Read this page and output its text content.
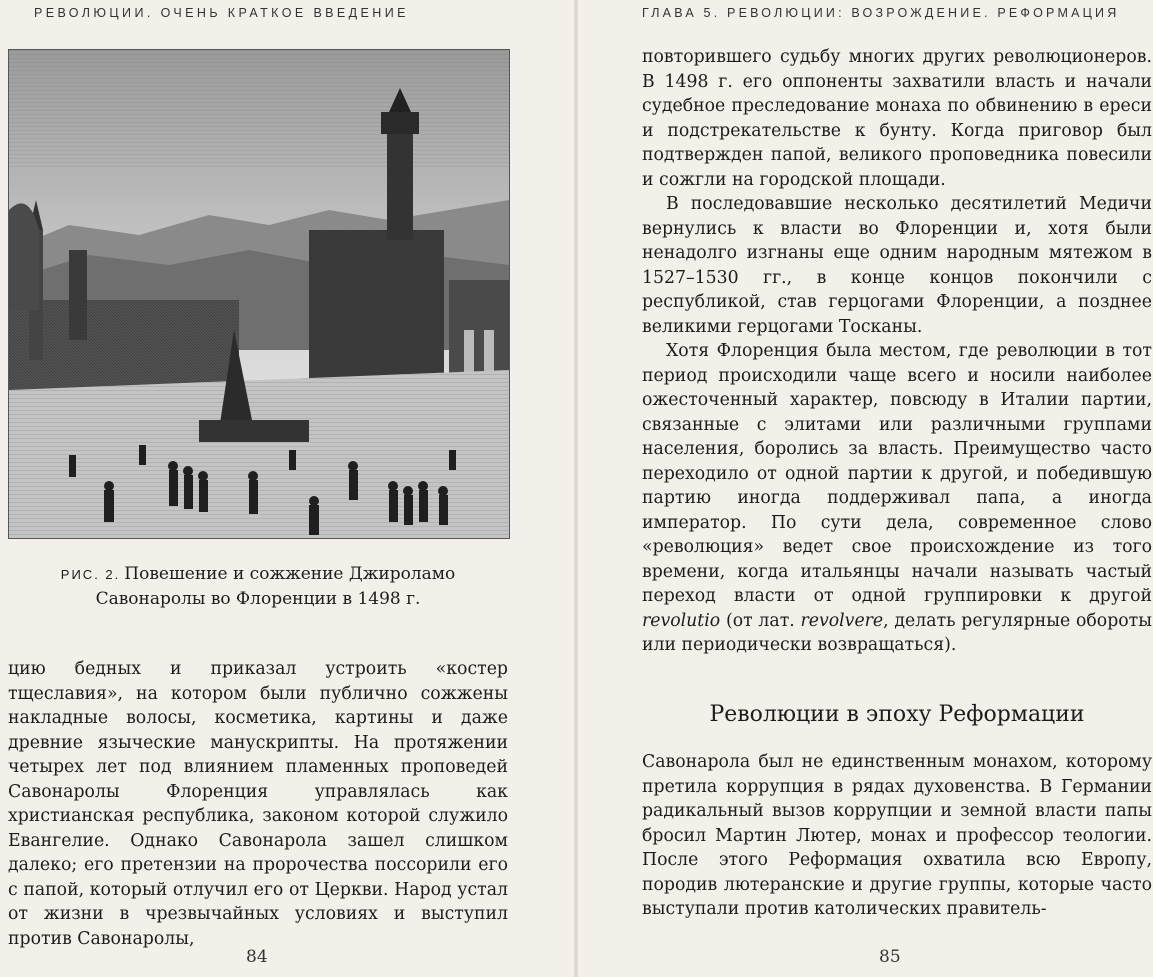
РЕВОЛЮЦИИ. ОЧЕНЬ КРАТКОЕ ВВЕДЕНИЕ
РИС. 2. Повешение и сожжение Джироламо
Савонаролы во Флоренции в 1498 г.

цию бедных и приказал устроить «костер тщеславия», на котором были публично сожжены накладные волосы, косметика, картины и даже древние языческие манускрипты. На протяжении четырех лет под влиянием пламенных проповедей Савонаролы Флоренция управлялась как христианская республика, законом которой служило Евангелие. Однако Савонарола зашел слишком далеко; его претензии на пророчества поссорили его с папой, который отлучил его от Церкви. Народ устал от жизни в чрезвычайных условиях и выступил против Савонаролы,

84
ГЛАВА 5. РЕВОЛЮЦИИ: ВОЗРОЖДЕНИЕ. РЕФОРМАЦИЯ

повторившего судьбу многих других революционеров. В 1498 г. его оппоненты захватили власть и начали судебное преследование монаха по обвинению в ереси и подстрекательстве к бунту. Когда приговор был подтвержден папой, великого проповедника повесили и сожгли на городской площади.

В последовавшие несколько десятилетий Медичи вернулись к власти во Флоренции и, хотя были ненадолго изгнаны еще одним народным мятежом в 1527–1530 гг., в конце концов покончили с республикой, став герцогами Флоренции, а позднее великими герцогами Тосканы.

Хотя Флоренция была местом, где революции в тот период происходили чаще всего и носили наиболее ожесточенный характер, повсюду в Италии партии, связанные с элитами или различными группами населения, боролись за власть. Преимущество часто переходило от одной партии к другой, и победившую партию иногда поддерживал папа, а иногда император. По сути дела, современное слово «революция» ведет свое происхождение из того времени, когда итальянцы начали называть частый переход власти от одной группировки к другой revolutio (от лат. revolvere, делать регулярные обороты или периодически возвращаться).

Революции в эпоху Реформации

Савонарола был не единственным монахом, которому претила коррупция в рядах духовенства. В Германии радикальный вызов коррупции и земной власти папы бросил Мартин Лютер, монах и профессор теологии. После этого Реформация охватила всю Европу, породив лютеранские и другие группы, которые часто выступали против католических правитель-

85
